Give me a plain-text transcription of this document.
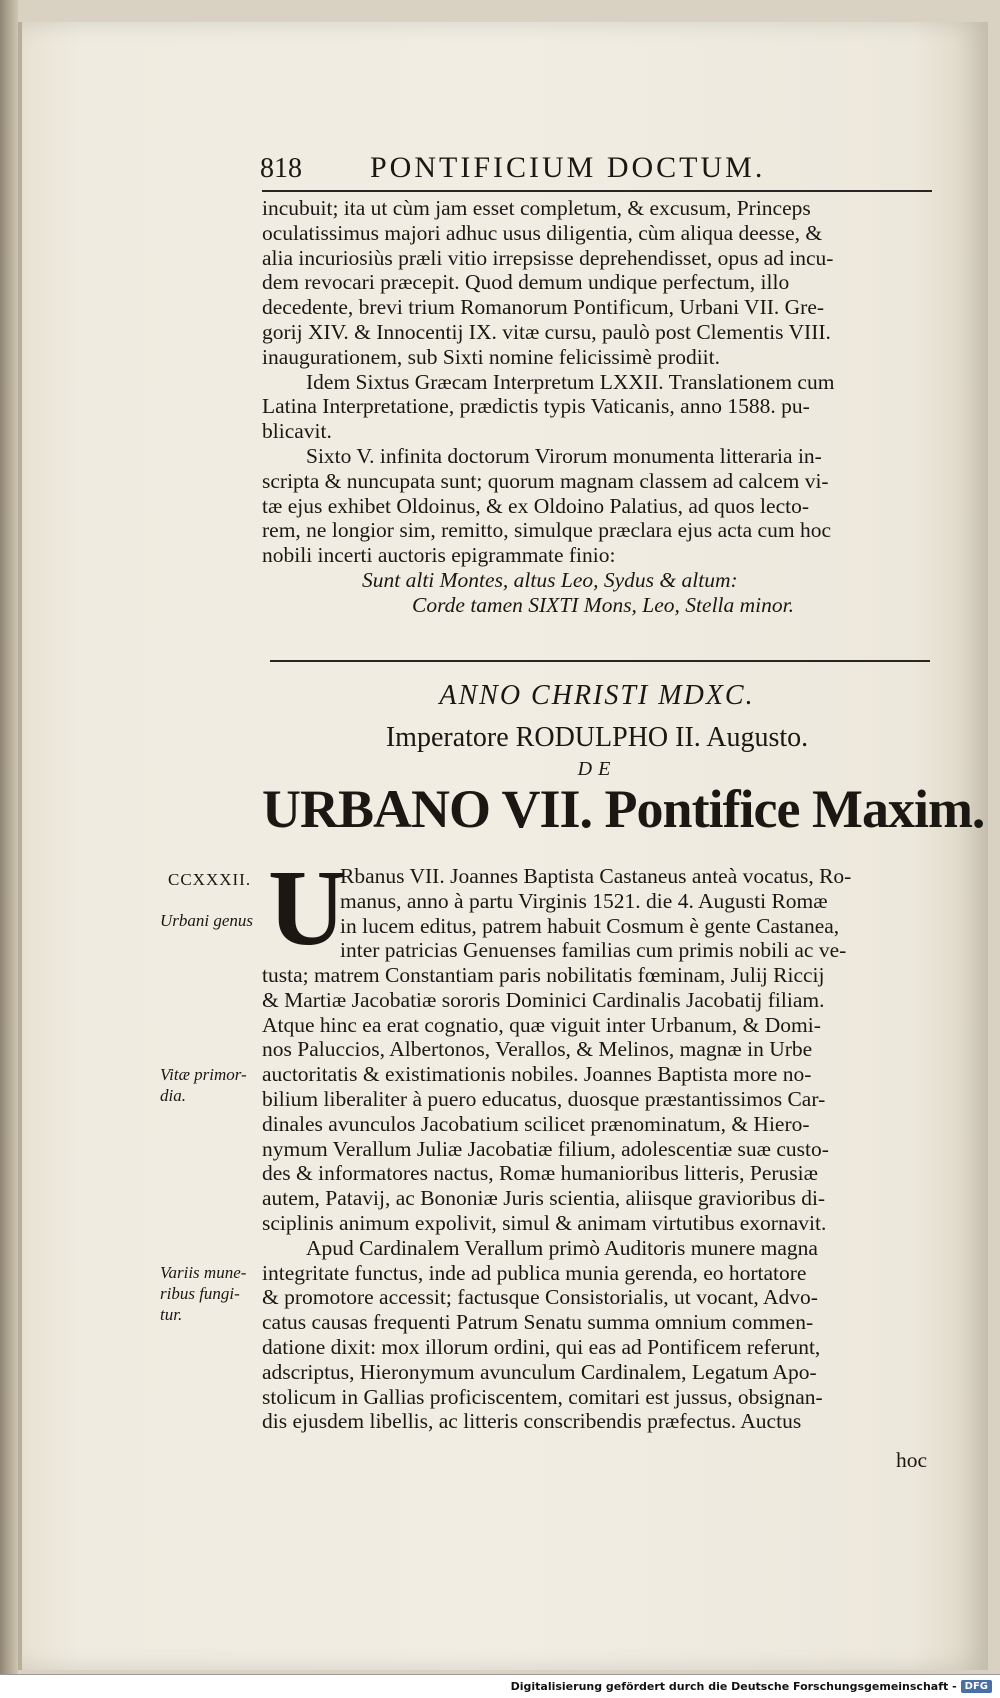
818 PONTIFICIUM DOCTUM.
incubuit; ita ut cùm jam esset completum, & excusum, Princeps
oculatissimus majori adhuc usus diligentia, cùm aliqua deesse, &
alia incuriosiùs præli vitio irrepsisse deprehendisset, opus ad incu-
dem revocari præcepit. Quod demum undique perfectum, illo
decedente, brevi trium Romanorum Pontificum, Urbani VII. Gre-
gorij XIV. & Innocentij IX. vitæ cursu, paulò post Clementis VIII.
inaugurationem, sub Sixti nomine felicissimè prodiit.
Idem Sixtus Græcam Interpretum LXXII. Translationem cum
Latina Interpretatione, prædictis typis Vaticanis, anno 1588. pu-
blicavit.
Sixto V. infinita doctorum Virorum monumenta litteraria in-
scripta & nuncupata sunt; quorum magnam classem ad calcem vi-
tæ ejus exhibet Oldoinus, & ex Oldoino Palatius, ad quos lecto-
rem, ne longior sim, remitto, simulque præclara ejus acta cum hoc
nobili incerti auctoris epigrammate finio:
Sunt alti Montes, altus Leo, Sydus & altum:
Corde tamen SIXTI Mons, Leo, Stella minor.
ANNO CHRISTI MDXC.
Imperatore RODULPHO II. Augusto.
DE
URBANO VII. Pontifice Maxim.
CCXXXII.
Urbani genus
Vitæ primor-dia.
Variis mune-ribus fungi-tur.
U
Rbanus VII. Joannes Baptista Castaneus anteà vocatus, Ro-
manus, anno à partu Virginis 1521. die 4. Augusti Romæ
in lucem editus, patrem habuit Cosmum è gente Castanea,
inter patricias Genuenses familias cum primis nobili ac ve-
tusta; matrem Constantiam paris nobilitatis fœminam, Julij Riccij
& Martiæ Jacobatiæ sororis Dominici Cardinalis Jacobatij filiam.
Atque hinc ea erat cognatio, quæ viguit inter Urbanum, & Domi-
nos Paluccios, Albertonos, Verallos, & Melinos, magnæ in Urbe
auctoritatis & existimationis nobiles. Joannes Baptista more no-
bilium liberaliter à puero educatus, duosque præstantissimos Car-
dinales avunculos Jacobatium scilicet prænominatum, & Hiero-
nymum Verallum Juliæ Jacobatiæ filium, adolescentiæ suæ custo-
des & informatores nactus, Romæ humanioribus litteris, Perusiæ
autem, Patavij, ac Bononiæ Juris scientia, aliisque gravioribus di-
sciplinis animum expolivit, simul & animam virtutibus exornavit.
Apud Cardinalem Verallum primò Auditoris munere magna
integritate functus, inde ad publica munia gerenda, eo hortatore
& promotore accessit; factusque Consistorialis, ut vocant, Advo-
catus causas frequenti Patrum Senatu summa omnium commen-
datione dixit: mox illorum ordini, qui eas ad Pontificem referunt,
adscriptus, Hieronymum avunculum Cardinalem, Legatum Apo-
stolicum in Gallias proficiscentem, comitari est jussus, obsignan-
dis ejusdem libellis, ac litteris conscribendis præfectus. Auctus
hoc
Digitalisierung gefördert durch die Deutsche Forschungsgemeinschaft - DFG
